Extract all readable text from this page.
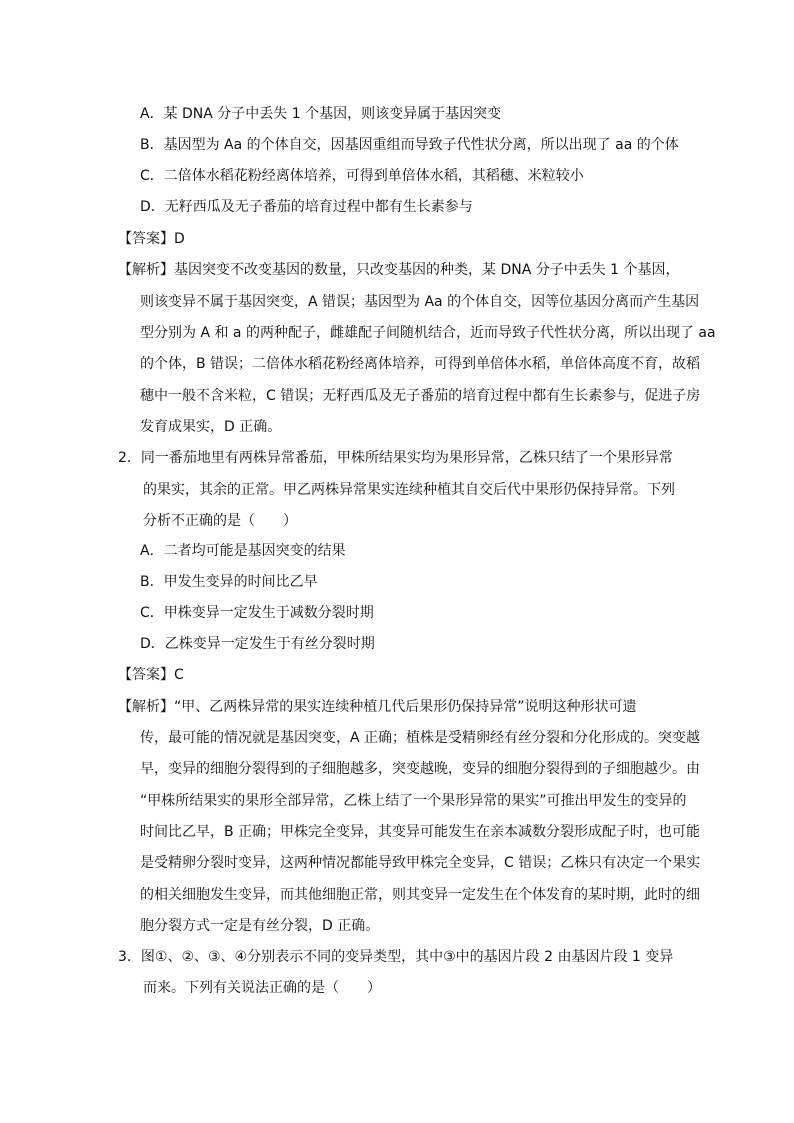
A．某 DNA 分子中丢失 1 个基因，则该变异属于基因突变
B．基因型为 Aa 的个体自交，因基因重组而导致子代性状分离，所以出现了 aa 的个体
C．二倍体水稻花粉经离体培养，可得到单倍体水稻，其稻穗、米粒较小
D．无籽西瓜及无子番茄的培育过程中都有生长素参与
【答案】D
【解析】基因突变不改变基因的数量，只改变基因的种类，某 DNA 分子中丢失 1 个基因，
则该变异不属于基因突变，A 错误；基因型为 Aa 的个体自交，因等位基因分离而产生基因
型分别为 A 和 a 的两种配子，雌雄配子间随机结合，近而导致子代性状分离，所以出现了 aa
的个体，B 错误；二倍体水稻花粉经离体培养，可得到单倍体水稻，单倍体高度不育，故稻
穗中一般不含米粒，C 错误；无籽西瓜及无子番茄的培育过程中都有生长素参与，促进子房
发育成果实，D 正确。
2．同一番茄地里有两株异常番茄，甲株所结果实均为果形异常，乙株只结了一个果形异常
的果实，其余的正常。甲乙两株异常果实连续种植其自交后代中果形仍保持异常。下列
分析不正确的是（　　）
A．二者均可能是基因突变的结果
B．甲发生变异的时间比乙早
C．甲株变异一定发生于减数分裂时期
D．乙株变异一定发生于有丝分裂时期
【答案】C
【解析】“甲、乙两株异常的果实连续种植几代后果形仍保持异常”说明这种形状可遗
传，最可能的情况就是基因突变，A 正确；植株是受精卵经有丝分裂和分化形成的。突变越
早，变异的细胞分裂得到的子细胞越多，突变越晚，变异的细胞分裂得到的子细胞越少。由
“甲株所结果实的果形全部异常，乙株上结了一个果形异常的果实”可推出甲发生的变异的
时间比乙早，B 正确；甲株完全变异，其变异可能发生在亲本减数分裂形成配子时，也可能
是受精卵分裂时变异，这两种情况都能导致甲株完全变异，C 错误；乙株只有决定一个果实
的相关细胞发生变异，而其他细胞正常，则其变异一定发生在个体发育的某时期，此时的细
胞分裂方式一定是有丝分裂，D 正确。
3．图①、②、③、④分别表示不同的变异类型，其中③中的基因片段 2 由基因片段 1 变异
而来。下列有关说法正确的是（　　）
